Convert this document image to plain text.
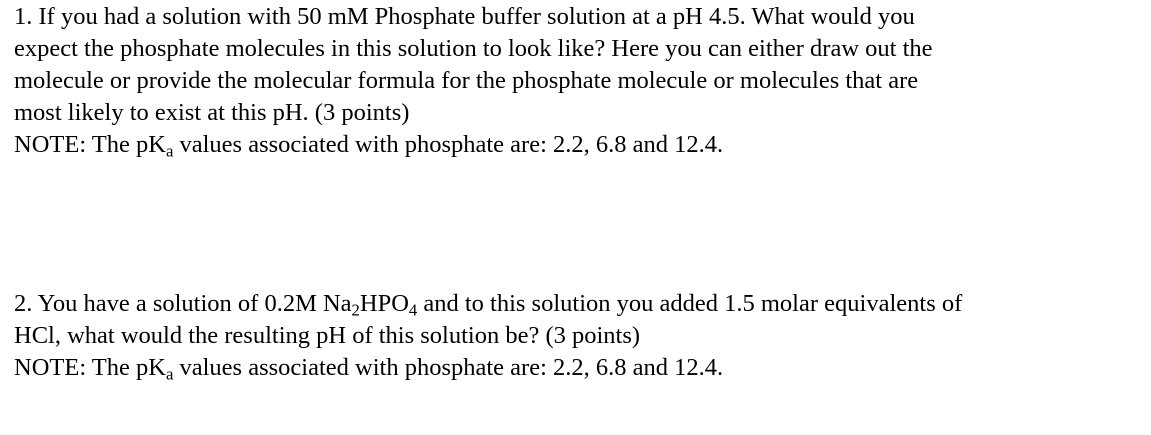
1. If you had a solution with 50 mM Phosphate buffer solution at a pH 4.5. What would you
expect the phosphate molecules in this solution to look like? Here you can either draw out the
molecule or provide the molecular formula for the phosphate molecule or molecules that are
most likely to exist at this pH. (3 points)
NOTE: The $pK_a$ values associated with phosphate are: 2.2, 6.8 and 12.4.
2. You have a solution of 0.2M $Na_2HPO_4$ and to this solution you added 1.5 molar equivalents of
HCl, what would the resulting pH of this solution be? (3 points)
NOTE: The $pK_a$ values associated with phosphate are: 2.2, 6.8 and 12.4.
